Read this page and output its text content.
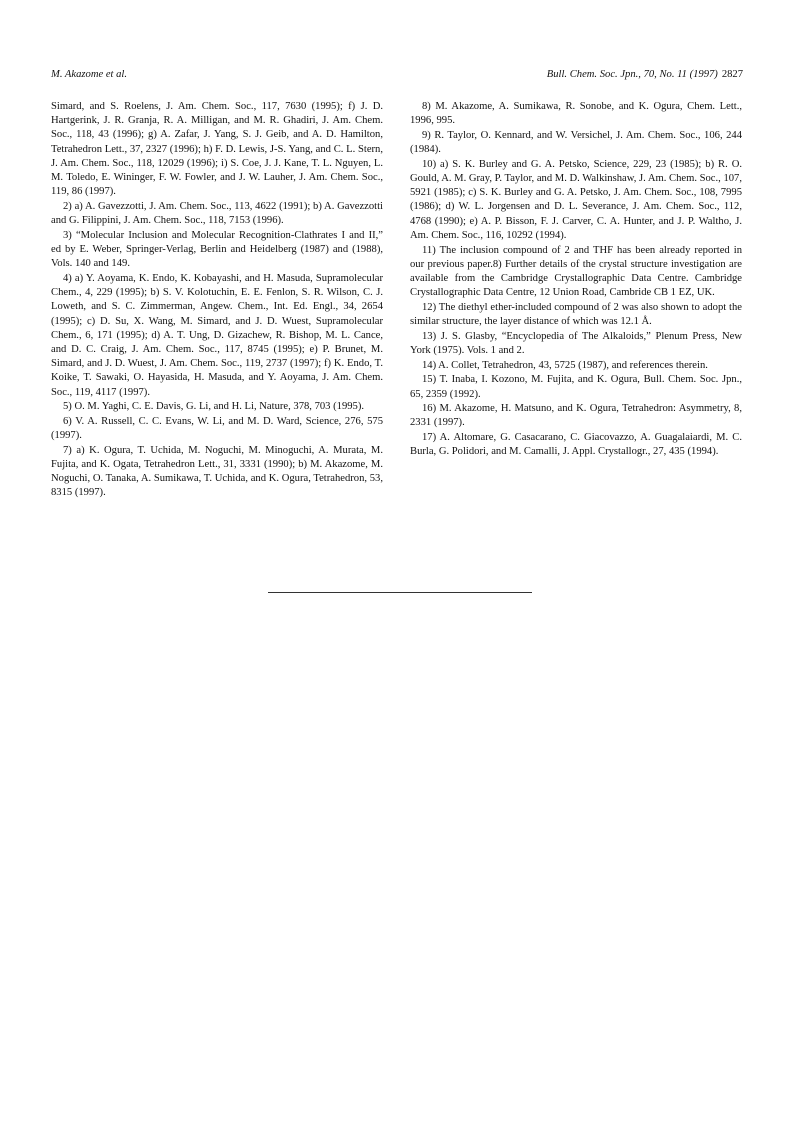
M. Akazome et al.	Bull. Chem. Soc. Jpn., 70, No. 11 (1997) 2827

Simard, and S. Roelens, J. Am. Chem. Soc., 117, 7630 (1995); f) J. D. Hartgerink, J. R. Granja, R. A. Milligan, and M. R. Ghadiri, J. Am. Chem. Soc., 118, 43 (1996); g) A. Zafar, J. Yang, S. J. Geib, and A. D. Hamilton, Tetrahedron Lett., 37, 2327 (1996); h) F. D. Lewis, J-S. Yang, and C. L. Stern, J. Am. Chem. Soc., 118, 12029 (1996); i) S. Coe, J. J. Kane, T. L. Nguyen, L. M. Toledo, E. Wininger, F. W. Fowler, and J. W. Lauher, J. Am. Chem. Soc., 119, 86 (1997).

2) a) A. Gavezzotti, J. Am. Chem. Soc., 113, 4622 (1991); b) A. Gavezzotti and G. Filippini, J. Am. Chem. Soc., 118, 7153 (1996).

3) “Molecular Inclusion and Molecular Recognition-Clathrates I and II,” ed by E. Weber, Springer-Verlag, Berlin and Heidelberg (1987) and (1988), Vols. 140 and 149.

4) a) Y. Aoyama, K. Endo, K. Kobayashi, and H. Masuda, Supramolecular Chem., 4, 229 (1995); b) S. V. Kolotuchin, E. E. Fenlon, S. R. Wilson, C. J. Loweth, and S. C. Zimmerman, Angew. Chem., Int. Ed. Engl., 34, 2654 (1995); c) D. Su, X. Wang, M. Simard, and J. D. Wuest, Supramolecular Chem., 6, 171 (1995); d) A. T. Ung, D. Gizachew, R. Bishop, M. L. Cance, and D. C. Craig, J. Am. Chem. Soc., 117, 8745 (1995); e) P. Brunet, M. Simard, and J. D. Wuest, J. Am. Chem. Soc., 119, 2737 (1997); f) K. Endo, T. Koike, T. Sawaki, O. Hayasida, H. Masuda, and Y. Aoyama, J. Am. Chem. Soc., 119, 4117 (1997).

5) O. M. Yaghi, C. E. Davis, G. Li, and H. Li, Nature, 378, 703 (1995).

6) V. A. Russell, C. C. Evans, W. Li, and M. D. Ward, Science, 276, 575 (1997).

7) a) K. Ogura, T. Uchida, M. Noguchi, M. Minoguchi, A. Murata, M. Fujita, and K. Ogata, Tetrahedron Lett., 31, 3331 (1990); b) M. Akazome, M. Noguchi, O. Tanaka, A. Sumikawa, T. Uchida, and K. Ogura, Tetrahedron, 53, 8315 (1997).

8) M. Akazome, A. Sumikawa, R. Sonobe, and K. Ogura, Chem. Lett., 1996, 995.

9) R. Taylor, O. Kennard, and W. Versichel, J. Am. Chem. Soc., 106, 244 (1984).

10) a) S. K. Burley and G. A. Petsko, Science, 229, 23 (1985); b) R. O. Gould, A. M. Gray, P. Taylor, and M. D. Walkinshaw, J. Am. Chem. Soc., 107, 5921 (1985); c) S. K. Burley and G. A. Petsko, J. Am. Chem. Soc., 108, 7995 (1986); d) W. L. Jorgensen and D. L. Severance, J. Am. Chem. Soc., 112, 4768 (1990); e) A. P. Bisson, F. J. Carver, C. A. Hunter, and J. P. Waltho, J. Am. Chem. Soc., 116, 10292 (1994).

11) The inclusion compound of 2 and THF has been already reported in our previous paper.8) Further details of the crystal structure investigation are available from the Cambridge Crystallographic Data Centre. Cambridge Crystallographic Data Centre, 12 Union Road, Cambride CB 1 EZ, UK.

12) The diethyl ether-included compound of 2 was also shown to adopt the similar structure, the layer distance of which was 12.1 Å.

13) J. S. Glasby, “Encyclopedia of The Alkaloids,” Plenum Press, New York (1975). Vols. 1 and 2.

14) A. Collet, Tetrahedron, 43, 5725 (1987), and references therein.

15) T. Inaba, I. Kozono, M. Fujita, and K. Ogura, Bull. Chem. Soc. Jpn., 65, 2359 (1992).

16) M. Akazome, H. Matsuno, and K. Ogura, Tetrahedron: Asymmetry, 8, 2331 (1997).

17) A. Altomare, G. Casacarano, C. Giacovazzo, A. Guagalaiardi, M. C. Burla, G. Polidori, and M. Camalli, J. Appl. Crystallogr., 27, 435 (1994).
